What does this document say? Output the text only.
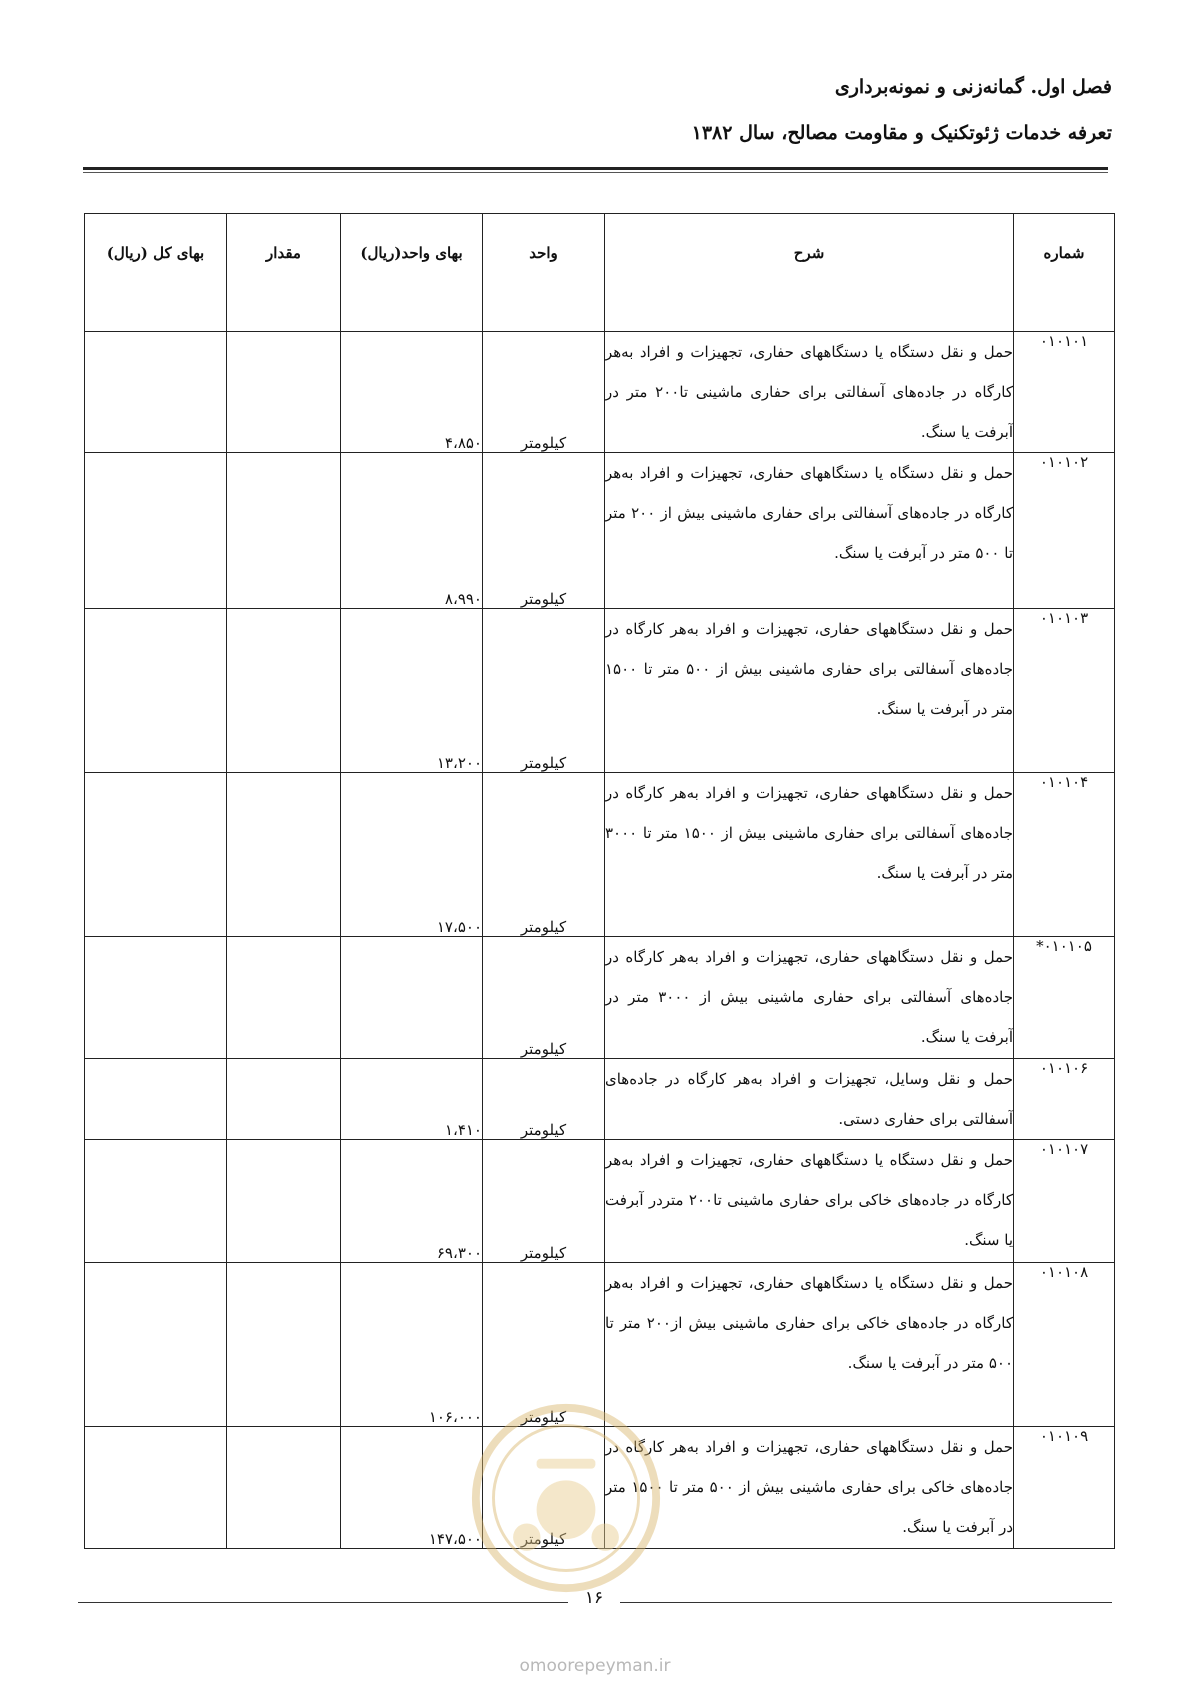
فصل اول. گمانه‌زنی و نمونه‌برداری
تعرفه خدمات ژئوتکنیک و مقاومت مصالح، سال ۱۳۸۲
شماره	شرح	واحد	بهای واحد(ریال)	مقدار	بهای کل (ریال)
۰۱۰۱۰۱	حمل و نقل دستگاه یا دستگاههای حفاری، تجهیزات و افراد به‌هر کارگاه در جاده‌های آسفالتی برای حفاری ماشینی تا۲۰۰ متر در آبرفت یا سنگ.	کیلومتر	۴،۸۵۰		
۰۱۰۱۰۲	حمل و نقل دستگاه یا دستگاههای حفاری، تجهیزات و افراد به‌هر کارگاه در جاده‌های آسفالتی برای حفاری ماشینی بیش از ۲۰۰ متر تا ۵۰۰ متر در آبرفت یا سنگ.	کیلومتر	۸،۹۹۰		
۰۱۰۱۰۳	حمل و نقل دستگاههای حفاری، تجهیزات و افراد به‌هر کارگاه در جاده‌های آسفالتی برای حفاری ماشینی بیش از ۵۰۰ متر تا ۱۵۰۰ متر در آبرفت یا سنگ.	کیلومتر	۱۳،۲۰۰		
۰۱۰۱۰۴	حمل و نقل دستگاههای حفاری، تجهیزات و افراد به‌هر کارگاه در جاده‌های آسفالتی برای حفاری ماشینی بیش از ۱۵۰۰ متر تا ۳۰۰۰ متر در آبرفت یا سنگ.	کیلومتر	۱۷،۵۰۰		
۰۱۰۱۰۵*	حمل و نقل دستگاههای حفاری، تجهیزات و افراد به‌هر کارگاه در جاده‌های آسفالتی برای حفاری ماشینی بیش از ۳۰۰۰ متر در آبرفت یا سنگ.	کیلومتر			
۰۱۰۱۰۶	حمل و نقل وسایل، تجهیزات و افراد به‌هر کارگاه در جاده‌های آسفالتی برای حفاری دستی.	کیلومتر	۱،۴۱۰		
۰۱۰۱۰۷	حمل و نقل دستگاه یا دستگاههای حفاری، تجهیزات و افراد به‌هر کارگاه در جاده‌های خاکی برای حفاری ماشینی تا۲۰۰ متردر آبرفت یا سنگ.	کیلومتر	۶۹،۳۰۰		
۰۱۰۱۰۸	حمل و نقل دستگاه یا دستگاههای حفاری، تجهیزات و افراد به‌هر کارگاه در جاده‌های خاکی برای حفاری ماشینی بیش از۲۰۰ متر تا ۵۰۰ متر در آبرفت یا سنگ.	کیلومتر	۱۰۶،۰۰۰		
۰۱۰۱۰۹	حمل و نقل دستگاههای حفاری، تجهیزات و افراد به‌هر کارگاه در جاده‌های خاکی برای حفاری ماشینی بیش از ۵۰۰ متر تا ۱۵۰۰ متر در آبرفت یا سنگ.	کیلومتر	۱۴۷،۵۰۰		
۱۶
omoorepeyman.ir
